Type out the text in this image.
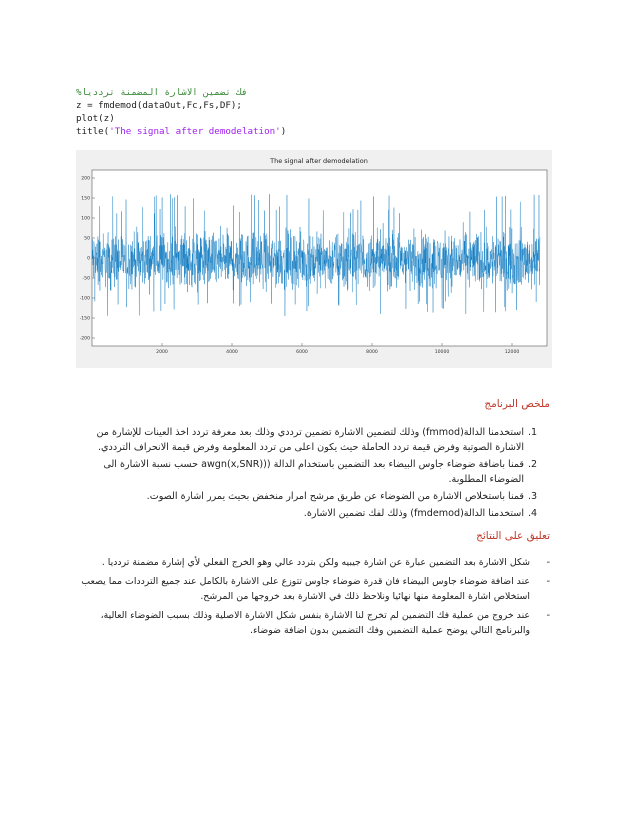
%فك تضمين الاشارة المضمنة تردديا
z = fmdemod(dataOut,Fc,Fs,DF);
plot(z)
title('The signal after demodelation')
The signal after demodelation
200
150
100
50
0
-50
-100
-150
-200
2000	4000	6000	8000	10000	12000
ملخص البرنامج
.1
استخدمنا الدالة(fmmod) وذلك لتضمين الاشارة تضمين ترددي وذلك بعد معرفة تردد اخذ العينات للإشارة من الاشارة الصوتية وفرض قيمة تردد الحاملة حيث يكون اعلى من تردد المعلومة وفرض قيمة الانحراف الترددي.
.2
قمنا باضافة ضوضاء جاوس البيضاء بعد التضمين باستخدام الدالة ((awgn(x,SNR) حسب نسبة الاشارة الى الضوضاء المطلوبة.
.3
قمنا باستخلاص الاشارة من الضوضاء عن طريق مرشح امرار منخفض بحيث يمرر اشارة الصوت.
.4
استخدمنا الدالة(fmdemod) وذلك لفك تضمين الاشارة.
تعليق على النتائج
-
شكل الاشارة بعد التضمين عبارة عن اشارة جيبيه ولكن بتردد عالي وهو الخرج الفعلي لأي إشارة مضمنة تردديا .
-
عند اضافة ضوضاء جاوس البيضاء فان قدرة ضوضاء جاوس تتوزع على الاشارة بالكامل عند جميع الترددات مما يصعب استخلاص اشارة المعلومة منها نهائيا ونلاحظ ذلك في الاشارة بعد خروجها من المرشح.
-
عند خروج من عملية فك التضمين لم تخرج لنا الاشارة بنفس شكل الاشارة الاصلية وذلك بسبب الضوضاء العالية، والبرنامج التالي يوضح عملية التضمين وفك التضمين بدون اضافة ضوضاء.
